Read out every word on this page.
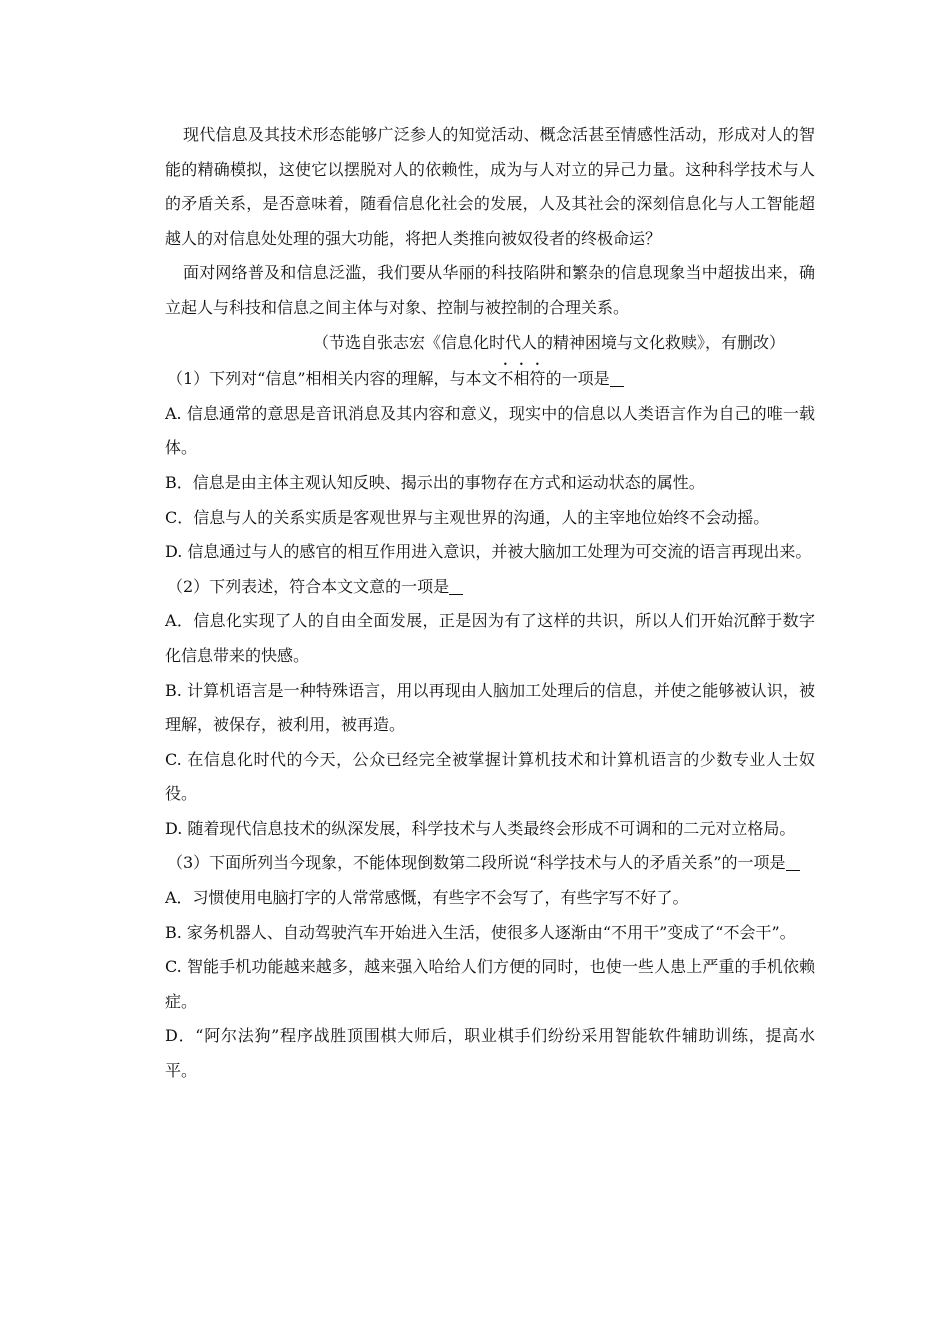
现代信息及其技术形态能够广泛参人的知觉活动、概念活甚至情感性活动，形成对人的智能的精确模拟，这使它以摆脱对人的依赖性，成为与人对立的异己力量。这种科学技术与人的矛盾关系，是否意味着，随看信息化社会的发展，人及其社会的深刻信息化与人工智能超越人的对信息处处理的强大功能，将把人类推向被奴役者的终极命运？

面对网络普及和信息泛滥，我们要从华丽的科技陷阱和繁杂的信息现象当中超拔出来，确立起人与科技和信息之间主体与对象、控制与被控制的合理关系。

（节选自张志宏《信息化时代人的精神困境与文化救赎》，有删改）

（1）下列对“信息”相相关内容的理解，与本文不相符的一项是

A. 信息通常的意思是音讯消息及其内容和意义，现实中的信息以人类语言作为自己的唯一载体。

B．信息是由主体主观认知反映、揭示出的事物存在方式和运动状态的属性。

C．信息与人的关系实质是客观世界与主观世界的沟通，人的主宰地位始终不会动摇。

D. 信息通过与人的感官的相互作用进入意识，并被大脑加工处理为可交流的语言再现出来。

（2）下列表述，符合本文文意的一项是

A．信息化实现了人的自由全面发展，正是因为有了这样的共识，所以人们开始沉醉于数字化信息带来的快感。

B. 计算机语言是一种特殊语言，用以再现由人脑加工处理后的信息，并使之能够被认识，被理解，被保存，被利用，被再造。

C. 在信息化时代的今天，公众已经完全被掌握计算机技术和计算机语言的少数专业人士奴役。

D. 随着现代信息技术的纵深发展，科学技术与人类最终会形成不可调和的二元对立格局。

（3）下面所列当今现象，不能体现倒数第二段所说“科学技术与人的矛盾关系”的一项是

A．习惯使用电脑打字的人常常感慨，有些字不会写了，有些字写不好了。

B. 家务机器人、自动驾驶汽车开始进入生活，使很多人逐渐由“不用干”变成了“不会干”。

C. 智能手机功能越来越多，越来强入哈给人们方便的同时，也使一些人患上严重的手机依赖症。

D．“阿尔法狗”程序战胜顶围棋大师后，职业棋手们纷纷采用智能软件辅助训练，提高水平。
